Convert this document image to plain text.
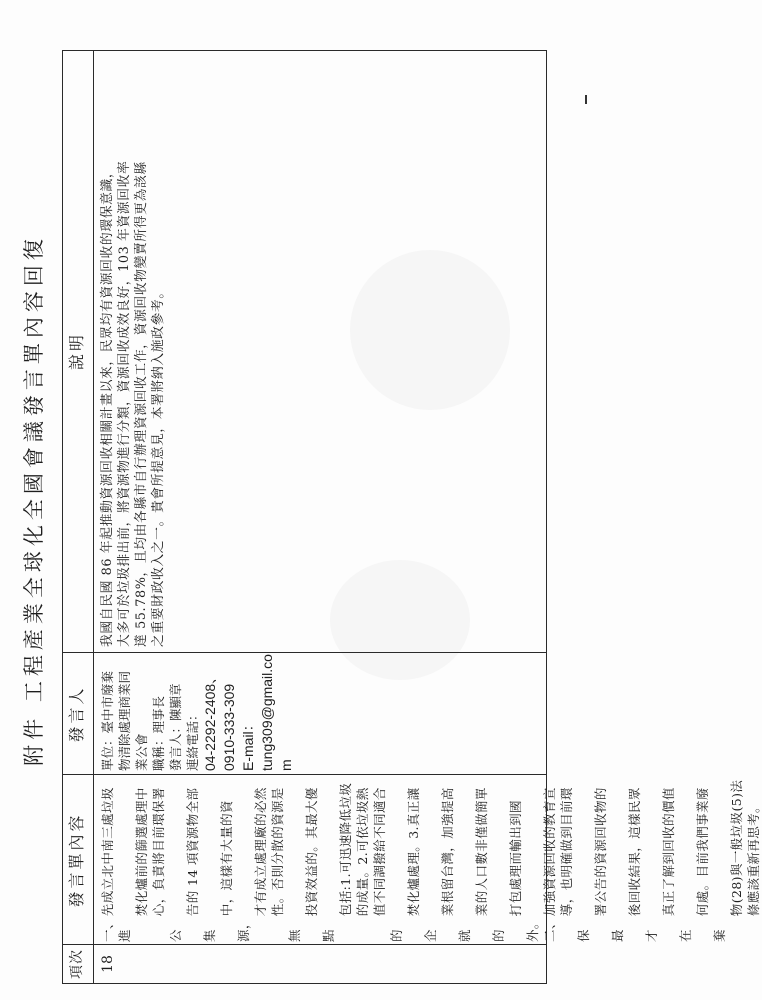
附件 工程產業全球化全國會議發言單內容回復
項次
發言單內容
發言人
說明
18

一、先成立北中南三處垃圾進
　　焚化爐前的篩選處理中
　　心，負責將目前環保署公
　　告的 14 項資源物全部集
　　中，這樣有大量的資源，
　　才有成立處理廠的必然
　　性。否則分散的資源是無
　　投資效益的。其最大優點
　　包括:1.可迅速降低垃圾
　　的成量。2.可依垃圾熱
　　值不同調撥給不同適合的
　　焚化爐處理。3.真正讓企
　　業根留台灣，加強提高就
　　業的人口數非僅做簡單的
　　打包處理而輸出到國外。 二、加強資源回收的教育宣
　　導，也明確做到目前環保
　　署公告的資源回收物的最
　　後回收結果，這樣民眾才
　　真正了解到回收的價值在
　　何處。目前我們事業廢棄
　　物(28)與一般垃圾(5)法
　　條應該重新再思考。

單位：臺中市廢棄 物清除處理商業同 業公會 職稱：理事長 發言人：陳顯章 連絡電話： 04-2292-2408、 0910-333-309 E-mail： tung309@gmail.co m

我國自民國 86 年起推動資源回收相關計畫以來，民眾均有資源回收的環保意識，
大多可於垃圾排出前，將資源物進行分類，資源回收成效良好，103 年資源回收率
達 55.78%，且均由各縣市自行辦理資源回收工作，資源回收物變賣所得更為該縣
之重要財政收入之一。貴會所提意見，本署將納入施政參考。
